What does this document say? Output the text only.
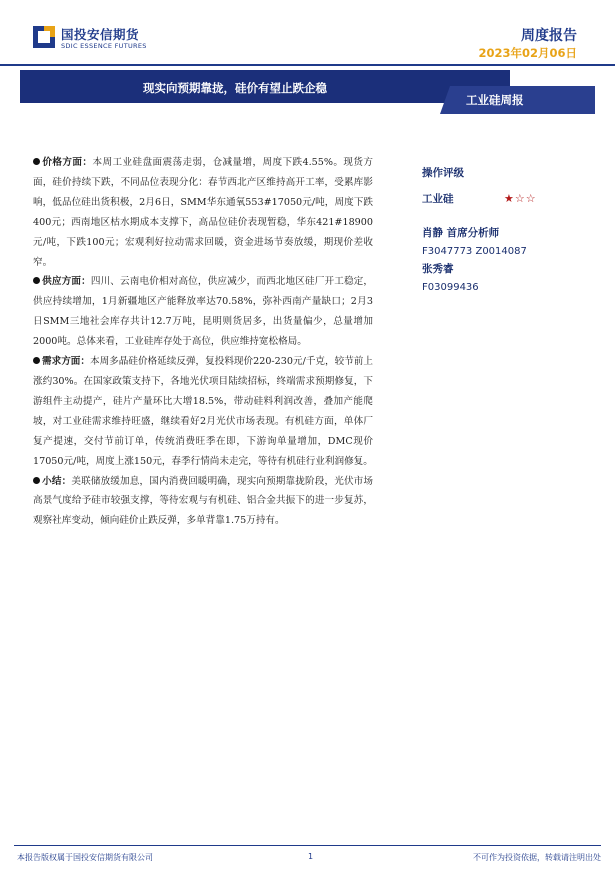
国投安信期货
SDIC ESSENCE FUTURES
周度报告
2023年02月06日
现实向预期靠拢，硅价有望止跌企稳
工业硅周报

价格方面：本周工业硅盘面震荡走弱，仓减量增，周度下跌4.55%。现货方面，硅价持续下跌，不同品位表现分化：春节西北产区维持高开工率，受累库影响，低品位硅出货积极，2月6日，SMM华东通氧553#17050元/吨，周度下跌400元；西南地区枯水期成本支撑下，高品位硅价表现暂稳，华东421#18900元/吨，下跌100元；宏观利好拉动需求回暖，资金进场节奏放缓，期现价差收窄。

供应方面：四川、云南电价相对高位，供应减少，而西北地区硅厂开工稳定，供应持续增加，1月新疆地区产能释放率达70.58%，弥补西南产量缺口；2月3日SMM三地社会库存共计12.7万吨，昆明则货居多，出货量偏少，总量增加2000吨。总体来看，工业硅库存处于高位，供应维持宽松格局。

需求方面：本周多晶硅价格延续反弹，复投料现价220-230元/千克，较节前上涨约30%。在国家政策支持下，各地光伏项目陆续招标，终端需求预期修复，下游组件主动提产，硅片产量环比大增18.5%，带动硅料利润改善，叠加产能爬坡，对工业硅需求维持旺盛，继续看好2月光伏市场表现。有机硅方面，单体厂复产提速，交付节前订单，传统消费旺季在即，下游询单量增加，DMC现价17050元/吨，周度上涨150元，春季行情尚未走完，等待有机硅行业利润修复。

小结：美联储放缓加息，国内消费回暖明确，现实向预期靠拢阶段，光伏市场高景气度给予硅市较强支撑，等待宏观与有机硅、铝合金共振下的进一步复苏，观察社库变动，倾向硅价止跌反弹，多单背靠1.75万持有。

操作评级
工业硅	★☆☆
肖静 首席分析师
F3047773 Z0014087
张秀睿
F03099436
本报告版权属于国投安信期货有限公司	1	不可作为投资依据，转载请注明出处
